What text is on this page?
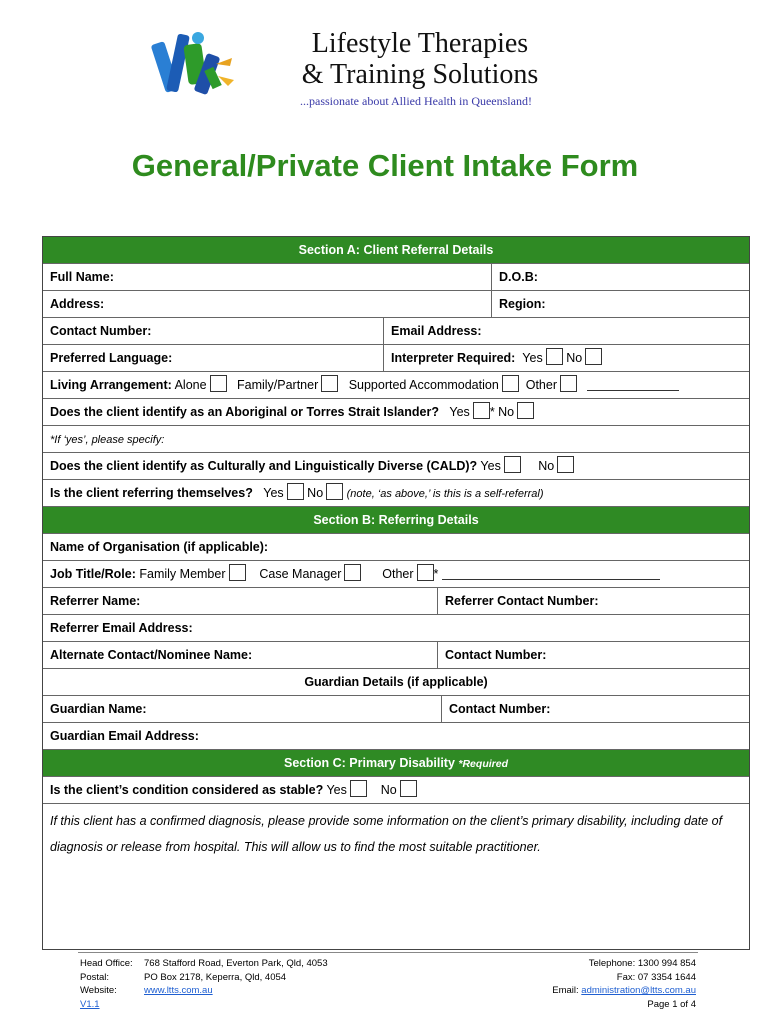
Lifestyle Therapies
& Training Solutions
...passionate about Allied Health in Queensland!
General/Private Client Intake Form
Section A: Client Referral Details
Full Name:	D.O.B:
Address:	Region:
Contact Number:	Email Address:
Preferred Language:	Interpreter Required: Yes No
Living Arrangement: Alone Family/Partner Supported Accommodation Other
Does the client identify as an Aboriginal or Torres Strait Islander? Yes * No
*If ‘yes’, please specify:
Does the client identify as Culturally and Linguistically Diverse (CALD)? Yes	No
Is the client referring themselves? Yes No (note, ‘as above,’ is this is a self-referral)
Section B: Referring Details
Name of Organisation (if applicable):
Job Title/Role: Family Member	Case Manager	Other *
Referrer Name:	Referrer Contact Number:
Referrer Email Address:
Alternate Contact/Nominee Name:	Contact Number:
Guardian Details (if applicable)
Guardian Name:	Contact Number:
Guardian Email Address:
Section C: Primary Disability *Required
Is the client’s condition considered as stable? Yes	No
If this client has a confirmed diagnosis, please provide some information on the client’s primary disability, including date of diagnosis or release from hospital. This will allow us to find the most suitable practitioner.
Head Office: 768 Stafford Road, Everton Park, Qld, 4053
Postal:	PO Box 2178, Keperra, Qld, 4054
Website:	www.ltts.com.au
V1.1
Telephone: 1300 994 854
Fax: 07 3354 1644
Email: administration@ltts.com.au
Page 1 of 4
